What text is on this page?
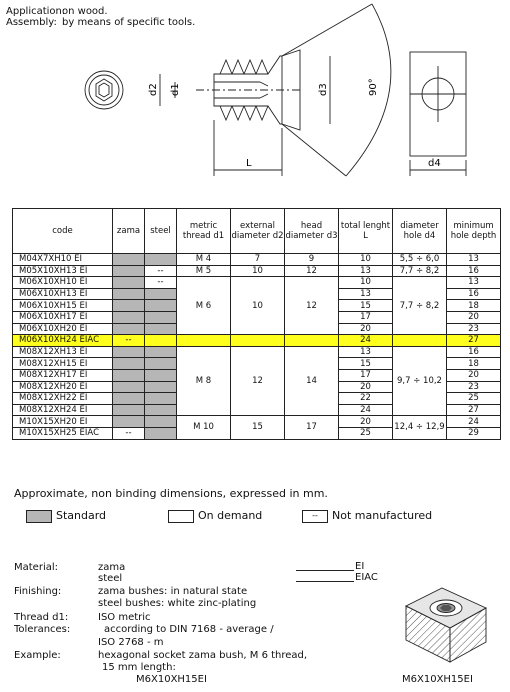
Application:
on wood.
Assembly: by means of specific tools.
d2 d1	d3	90°
L	d4
code	zama	steel	metric thread d1	external diameter d2	head diameter d3	total lenght L	diameter hole d4	minimum hole depth
M04X7XH10 EI			M 4	7	9	10	5,5 ÷ 6,0	13
M05X10XH13 EI		--	M 5	10	12	13	7,7 ÷ 8,2	16
M06X10XH10 EI		--	M 6	10	12	10	7,7 ÷ 8,2	13
M06X10XH13 EI						13		16
M06X10XH15 EI						15		18
M06X10XH17 EI						17		20
M06X10XH20 EI						20		23
M06X10XH24 EIAC	--					24		27
M08X12XH13 EI			M 8	12	14	13	9,7 ÷ 10,2	16
M08X12XH15 EI						15		18
M08X12XH17 EI						17		20
M08X12XH20 EI						20		23
M08X12XH22 EI						22		25
M08X12XH24 EI						24		27
M10X15XH20 EI			M 10	15	17	20	12,4 ÷ 12,9	24
M10X15XH25 EIAC	--					25		29
Approximate, non binding dimensions, expressed in mm.
Standard	On demand	--	Not manufactured
Material:	zama
steel
EI
EIAC
Finishing:	zama bushes: in natural state
steel bushes: white zinc-plating
Thread d1:	ISO metric
Tolerances:	according to DIN 7168 - average /
ISO 2768 - m
Example:	hexagonal socket zama bush, M 6 thread,
15 mm length:
M6X10XH15EI	M6X10XH15EI
